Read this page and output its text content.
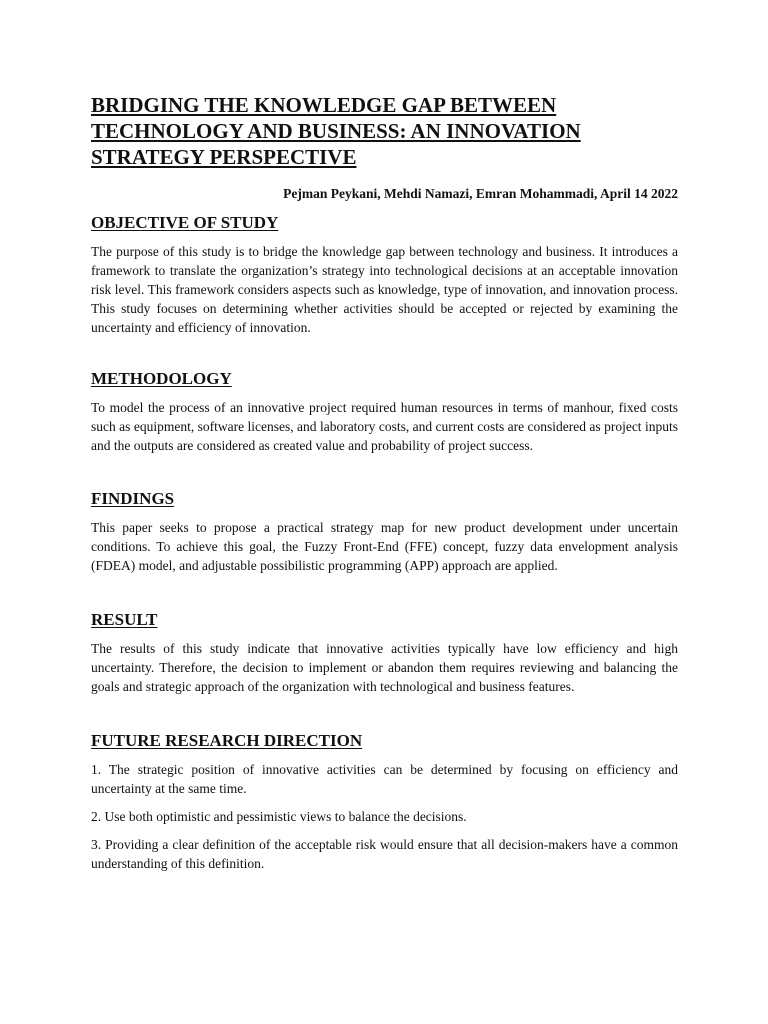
BRIDGING THE KNOWLEDGE GAP BETWEEN TECHNOLOGY AND BUSINESS: AN INNOVATION STRATEGY PERSPECTIVE
Pejman Peykani, Mehdi Namazi, Emran Mohammadi, April 14 2022
OBJECTIVE OF STUDY

The purpose of this study is to bridge the knowledge gap between technology and business. It introduces a framework to translate the organization’s strategy into technological decisions at an acceptable innovation risk level. This framework considers aspects such as knowledge, type of innovation, and innovation process. This study focuses on determining whether activities should be accepted or rejected by examining the uncertainty and efficiency of innovation.

METHODOLOGY

To model the process of an innovative project required human resources in terms of manhour, fixed costs such as equipment, software licenses, and laboratory costs, and current costs are considered as project inputs and the outputs are considered as created value and probability of project success.

FINDINGS

This paper seeks to propose a practical strategy map for new product development under uncertain conditions. To achieve this goal, the Fuzzy Front-End (FFE) concept, fuzzy data envelopment analysis (FDEA) model, and adjustable possibilistic programming (APP) approach are applied.

RESULT

The results of this study indicate that innovative activities typically have low efficiency and high uncertainty. Therefore, the decision to implement or abandon them requires reviewing and balancing the goals and strategic approach of the organization with technological and business features.

FUTURE RESEARCH DIRECTION

1. The strategic position of innovative activities can be determined by focusing on efficiency and uncertainty at the same time.

2. Use both optimistic and pessimistic views to balance the decisions.

3. Providing a clear definition of the acceptable risk would ensure that all decision-makers have a common understanding of this definition.
